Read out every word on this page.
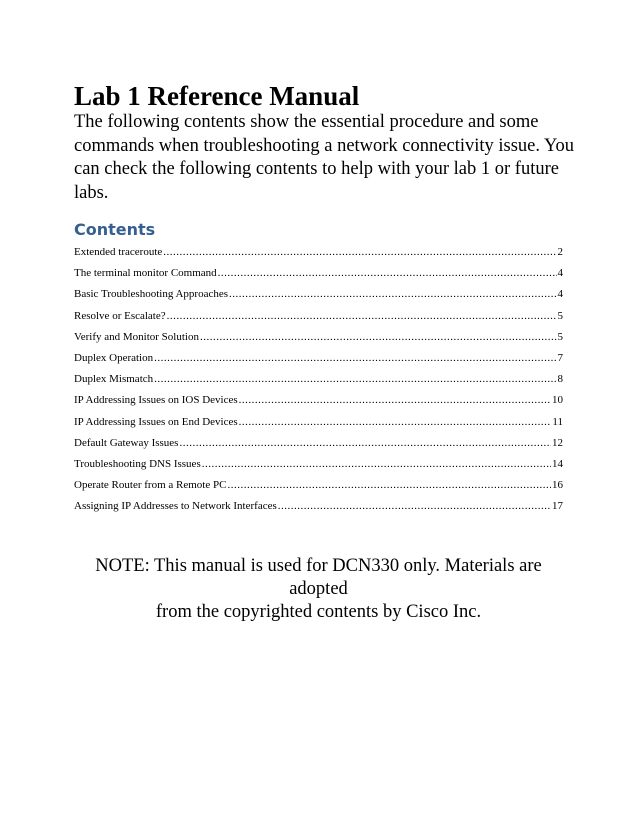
Lab 1 Reference Manual
The following contents show the essential procedure and some commands when troubleshooting a network connectivity issue. You can check the following contents to help with your lab 1 or future labs.
Contents
Extended traceroute .....	2
The terminal monitor Command .....	4
Basic Troubleshooting Approaches .....	4
Resolve or Escalate? .....	5
Verify and Monitor Solution .....	5
Duplex Operation .....	7
Duplex Mismatch .....	8
IP Addressing Issues on IOS Devices .....	10
IP Addressing Issues on End Devices .....	11
Default Gateway Issues .....	12
Troubleshooting DNS Issues .....	14
Operate Router from a Remote PC .....	16
Assigning IP Addresses to Network Interfaces .....	17
NOTE: This manual is used for DCN330 only. Materials are adopted
from the copyrighted contents by Cisco Inc.
